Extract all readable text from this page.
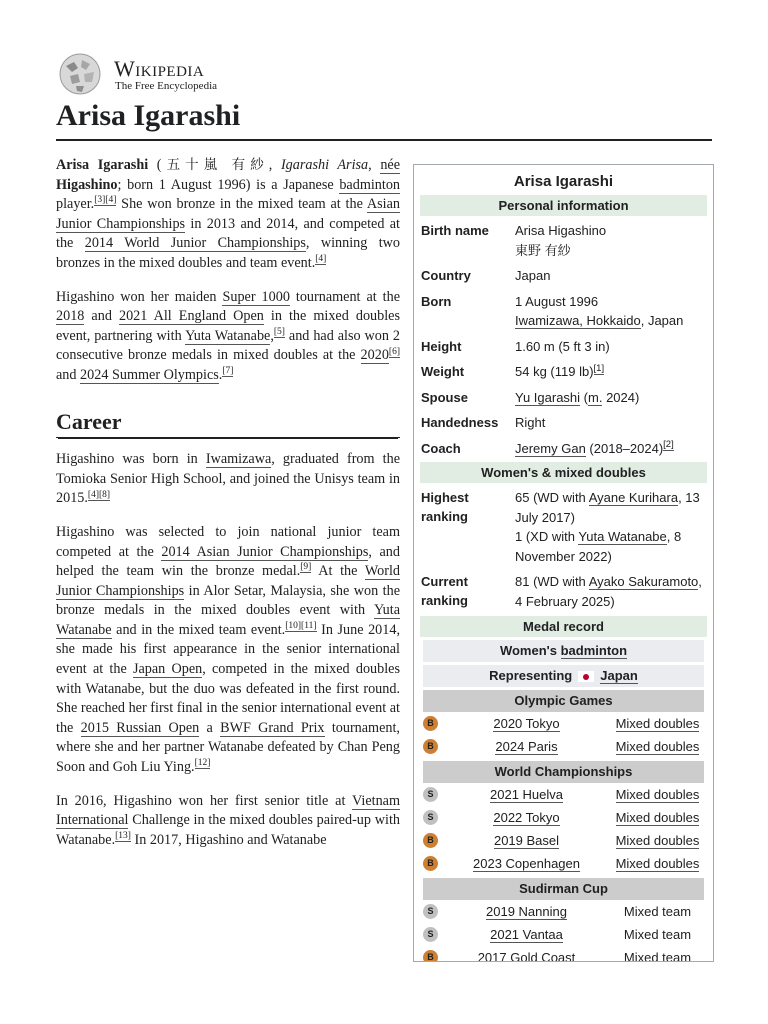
Wikipedia
The Free Encyclopedia
Arisa Igarashi

Arisa Igarashi (五十嵐 有紗, Igarashi Arisa, née Higashino; born 1 August 1996) is a Japanese badminton player.[3][4] She won bronze in the mixed team at the Asian Junior Championships in 2013 and 2014, and competed at the 2014 World Junior Championships, winning two bronzes in the mixed doubles and team event.[4]

Higashino won her maiden Super 1000 tournament at the 2018 and 2021 All England Open in the mixed doubles event, partnering with Yuta Watanabe,[5] and had also won 2 consecutive bronze medals in mixed doubles at the 2020[6] and 2024 Summer Olympics.[7]

Career

Higashino was born in Iwamizawa, graduated from the Tomioka Senior High School, and joined the Unisys team in 2015.[4][8]

Higashino was selected to join national junior team competed at the 2014 Asian Junior Championships, and helped the team win the bronze medal.[9] At the World Junior Championships in Alor Setar, Malaysia, she won the bronze medals in the mixed doubles event with Yuta Watanabe and in the mixed team event.[10][11] In June 2014, she made his first appearance in the senior international event at the Japan Open, competed in the mixed doubles with Watanabe, but the duo was defeated in the first round. She reached her first final in the senior international event at the 2015 Russian Open a BWF Grand Prix tournament, where she and her partner Watanabe defeated by Chan Peng Soon and Goh Liu Ying.[12]

In 2016, Higashino won her first senior title at Vietnam International Challenge in the mixed doubles paired-up with Watanabe.[13] In 2017, Higashino and Watanabe

Arisa Igarashi
Personal information
Birth name	Arisa Higashino
東野 有紗
Country	Japan
Born	1 August 1996
Iwamizawa, Hokkaido, Japan
Height	1.60 m (5 ft 3 in)
Weight	54 kg (119 lb)[1]
Spouse	Yu Igarashi (m. 2024)
Handedness	Right
Coach	Jeremy Gan (2018–2024)[2]
Women's & mixed doubles
Highest ranking
65 (WD with Ayane Kurihara, 13 July 2017)
1 (XD with Yuta Watanabe, 8 November 2022)
Current ranking
81 (WD with Ayako Sakuramoto, 4 February 2025)
Medal record
Women's badminton
Representing Japan
Olympic Games
B	2020 Tokyo	Mixed doubles
B	2024 Paris	Mixed doubles
World Championships
S	2021 Huelva	Mixed doubles
S	2022 Tokyo	Mixed doubles
B	2019 Basel	Mixed doubles
B	2023 Copenhagen	Mixed doubles
Sudirman Cup
S	2019 Nanning	Mixed team
S	2021 Vantaa	Mixed team
B	2017 Gold Coast	Mixed team
